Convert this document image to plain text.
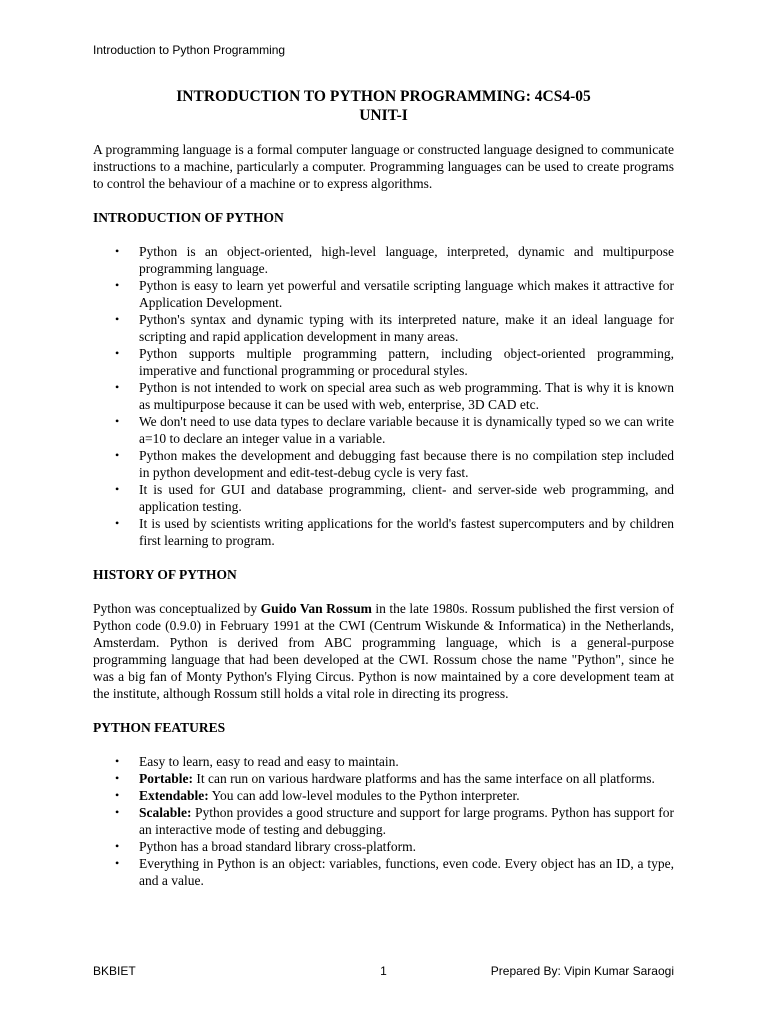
Introduction to Python Programming
INTRODUCTION TO PYTHON PROGRAMMING: 4CS4-05
UNIT-I

A programming language is a formal computer language or constructed language designed to communicate instructions to a machine, particularly a computer. Programming languages can be used to create programs to control the behaviour of a machine or to express algorithms.

INTRODUCTION OF PYTHON

• Python is an object-oriented, high-level language, interpreted, dynamic and multipurpose programming language.
• Python is easy to learn yet powerful and versatile scripting language which makes it attractive for Application Development.
• Python's syntax and dynamic typing with its interpreted nature, make it an ideal language for scripting and rapid application development in many areas.
• Python supports multiple programming pattern, including object-oriented programming, imperative and functional programming or procedural styles.
• Python is not intended to work on special area such as web programming. That is why it is known as multipurpose because it can be used with web, enterprise, 3D CAD etc.
• We don't need to use data types to declare variable because it is dynamically typed so we can write a=10 to declare an integer value in a variable.
• Python makes the development and debugging fast because there is no compilation step included in python development and edit-test-debug cycle is very fast.
• It is used for GUI and database programming, client- and server-side web programming, and application testing.
• It is used by scientists writing applications for the world's fastest supercomputers and by children first learning to program.

HISTORY OF PYTHON

Python was conceptualized by Guido Van Rossum in the late 1980s. Rossum published the first version of Python code (0.9.0) in February 1991 at the CWI (Centrum Wiskunde & Informatica) in the Netherlands, Amsterdam. Python is derived from ABC programming language, which is a general-purpose programming language that had been developed at the CWI. Rossum chose the name "Python", since he was a big fan of Monty Python's Flying Circus. Python is now maintained by a core development team at the institute, although Rossum still holds a vital role in directing its progress.

PYTHON FEATURES

• Easy to learn, easy to read and easy to maintain.
• Portable: It can run on various hardware platforms and has the same interface on all platforms.
• Extendable: You can add low-level modules to the Python interpreter.
• Scalable: Python provides a good structure and support for large programs. Python has support for an interactive mode of testing and debugging.
• Python has a broad standard library cross-platform.
• Everything in Python is an object: variables, functions, even code. Every object has an ID, a type, and a value.
BKBIET	1	Prepared By: Vipin Kumar Saraogi
